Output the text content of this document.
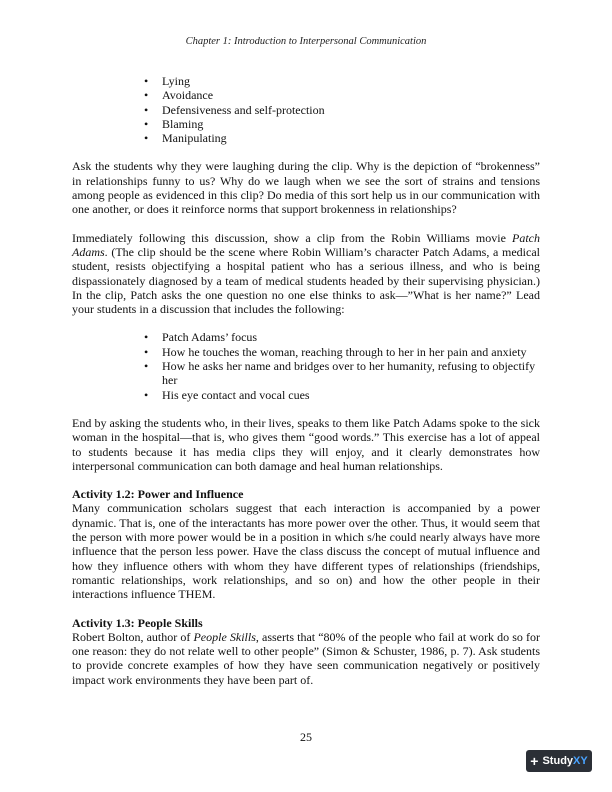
Chapter 1: Introduction to Interpersonal Communication
•	Lying
•	Avoidance
•	Defensiveness and self-protection
•	Blaming
•	Manipulating

Ask the students why they were laughing during the clip. Why is the depiction of “brokenness” in relationships funny to us? Why do we laugh when we see the sort of strains and tensions among people as evidenced in this clip? Do media of this sort help us in our communication with one another, or does it reinforce norms that support brokenness in relationships?

Immediately following this discussion, show a clip from the Robin Williams movie Patch Adams. (The clip should be the scene where Robin William’s character Patch Adams, a medical student, resists objectifying a hospital patient who has a serious illness, and who is being dispassionately diagnosed by a team of medical students headed by their supervising physician.) In the clip, Patch asks the one question no one else thinks to ask—”What is her name?” Lead your students in a discussion that includes the following:

•	Patch Adams’ focus
•	How he touches the woman, reaching through to her in her pain and anxiety
•	How he asks her name and bridges over to her humanity, refusing to objectify her
•	His eye contact and vocal cues

End by asking the students who, in their lives, speaks to them like Patch Adams spoke to the sick woman in the hospital—that is, who gives them “good words.” This exercise has a lot of appeal to students because it has media clips they will enjoy, and it clearly demonstrates how interpersonal communication can both damage and heal human relationships.

Activity 1.2: Power and Influence

Many communication scholars suggest that each interaction is accompanied by a power dynamic. That is, one of the interactants has more power over the other. Thus, it would seem that the person with more power would be in a position in which s/he could nearly always have more influence that the person less power. Have the class discuss the concept of mutual influence and how they influence others with whom they have different types of relationships (friendships, romantic relationships, work relationships, and so on) and how the other people in their interactions influence THEM.

Activity 1.3: People Skills

Robert Bolton, author of People Skills, asserts that “80% of the people who fail at work do so for one reason: they do not relate well to other people” (Simon & Schuster, 1986, p. 7). Ask students to provide concrete examples of how they have seen communication negatively or positively impact work environments they have been part of.

25
+ StudyXY
